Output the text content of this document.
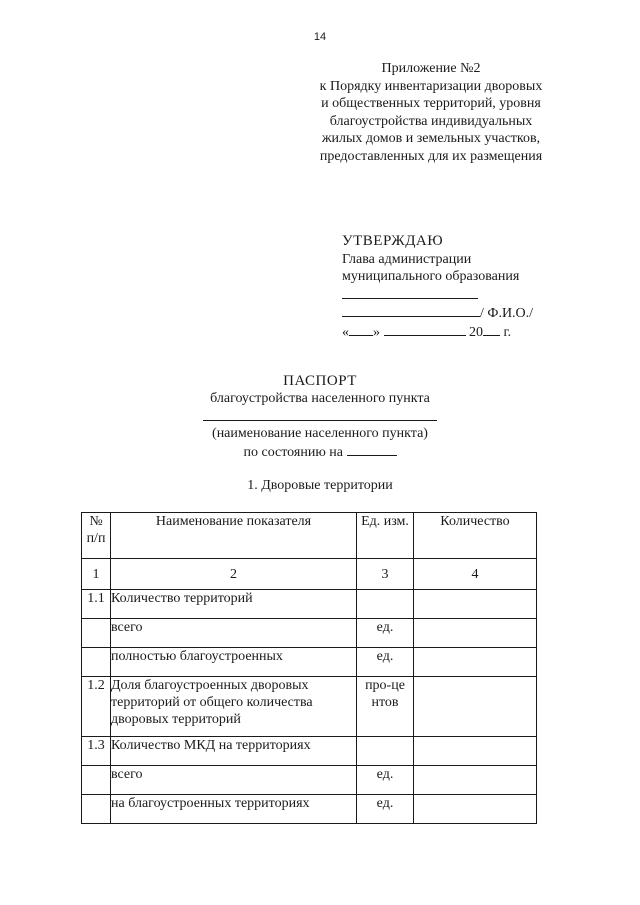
14
Приложение №2
к Порядку инвентаризации дворовых
и общественных территорий, уровня
благоустройства индивидуальных
жилых домов и земельных участков,
предоставленных для их размещения
УТВЕРЖДАЮ
Глава администрации
муниципального образования
/ Ф.И.О./
« »	20 г.
ПАСПОРТ
благоустройства населенного пункта
(наименование населенного пункта)
по состоянию на
1. Дворовые территории
№ п/п	Наименование показателя	Ед. изм.	Количество
1	2	3	4
1.1	Количество территорий		
	всего	ед.	
	полностью благоустроенных	ед.	
1.2	Доля благоустроенных дворовых территорий от общего количества дворовых территорий	про-центов	
1.3	Количество МКД на территориях		
	всего	ед.	
	на благоустроенных территориях	ед.	
